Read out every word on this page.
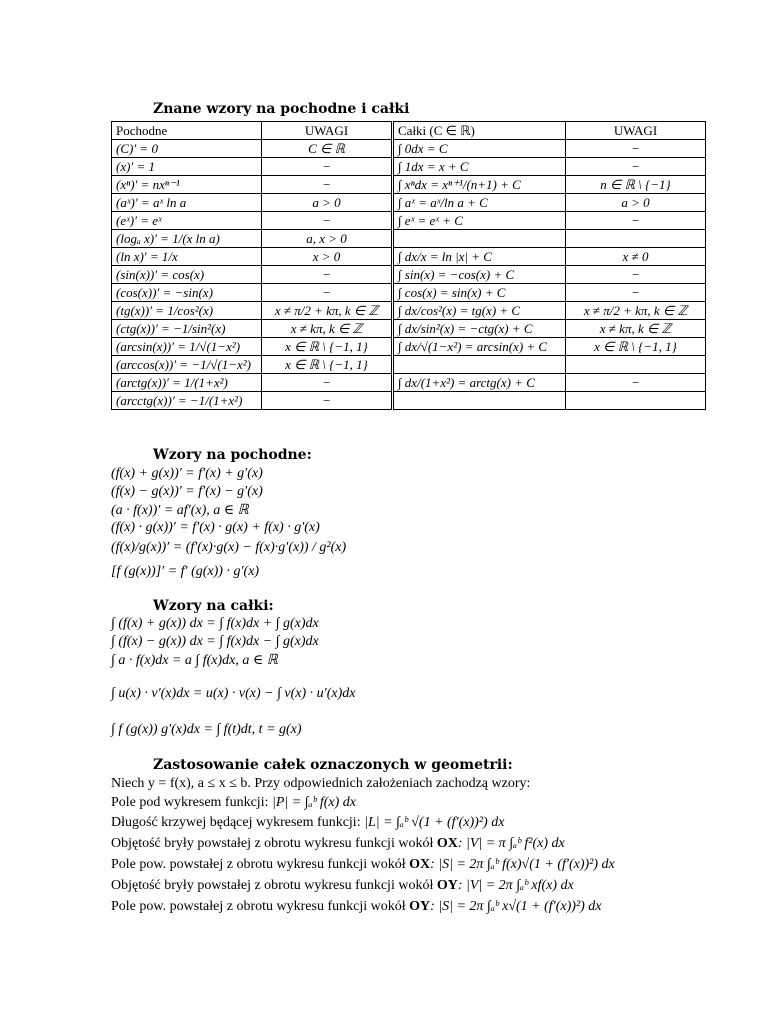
Znane wzory na pochodne i całki
Pochodne	UWAGI	Całki (C ∈ ℝ)	UWAGI
(C)′ = 0	C ∈ ℝ	∫ 0dx = C	−
(x)′ = 1	−	∫ 1dx = x + C	−
(xⁿ)′ = nxⁿ⁻¹	−	∫ xⁿdx = xⁿ⁺¹/(n+1) + C	n ∈ ℝ \ {−1}
(aˣ)′ = aˣ ln a	a > 0	∫ aˣ = aˣ/ln a + C	a > 0
(eˣ)′ = eˣ	−	∫ eˣ = eˣ + C	−
(logₐ x)′ = 1/(x ln a)	a, x > 0		
(ln x)′ = 1/x	x > 0	∫ dx/x = ln |x| + C	x ≠ 0
(sin(x))′ = cos(x)	−	∫ sin(x) = −cos(x) + C	−
(cos(x))′ = −sin(x)	−	∫ cos(x) = sin(x) + C	−
(tg(x))′ = 1/cos²(x)	x ≠ π/2 + kπ, k ∈ ℤ	∫ dx/cos²(x) = tg(x) + C	x ≠ π/2 + kπ, k ∈ ℤ
(ctg(x))′ = −1/sin²(x)	x ≠ kπ, k ∈ ℤ	∫ dx/sin²(x) = −ctg(x) + C	x ≠ kπ, k ∈ ℤ
(arcsin(x))′ = 1/√(1−x²)	x ∈ ℝ \ {−1, 1}	∫ dx/√(1−x²) = arcsin(x) + C	x ∈ ℝ \ {−1, 1}
(arccos(x))′ = −1/√(1−x²)	x ∈ ℝ \ {−1, 1}		
(arctg(x))′ = 1/(1+x²)	−	∫ dx/(1+x²) = arctg(x) + C	−
(arcctg(x))′ = −1/(1+x²)	−		
Wzory na pochodne:
(f(x) + g(x))′ = f′(x) + g′(x)
(f(x) − g(x))′ = f′(x) − g′(x)
(a · f(x))′ = af′(x), a ∈ ℝ
(f(x) · g(x))′ = f′(x) · g(x) + f(x) · g′(x)
(f(x)/g(x))′ = (f′(x)·g(x) − f(x)·g′(x)) / g²(x)
[f (g(x))]′ = f′ (g(x)) · g′(x)
Wzory na całki:
∫ (f(x) + g(x)) dx = ∫ f(x)dx + ∫ g(x)dx
∫ (f(x) − g(x)) dx = ∫ f(x)dx − ∫ g(x)dx
∫ a · f(x)dx = a ∫ f(x)dx, a ∈ ℝ
∫ u(x) · v′(x)dx = u(x) · v(x) − ∫ v(x) · u′(x)dx
∫ f (g(x)) g′(x)dx = ∫ f(t)dt, t = g(x)
Zastosowanie całek oznaczonych w geometrii:
Niech y = f(x), a ≤ x ≤ b. Przy odpowiednich założeniach zachodzą wzory:
Pole pod wykresem funkcji: |P| = ∫ₐᵇ f(x) dx
Długość krzywej będącej wykresem funkcji: |L| = ∫ₐᵇ √(1 + (f′(x))²) dx
Objętość bryły powstałej z obrotu wykresu funkcji wokół OX: |V| = π ∫ₐᵇ f²(x) dx
Pole pow. powstałej z obrotu wykresu funkcji wokół OX: |S| = 2π ∫ₐᵇ f(x)√(1 + (f′(x))²) dx
Objętość bryły powstałej z obrotu wykresu funkcji wokół OY: |V| = 2π ∫ₐᵇ xf(x) dx
Pole pow. powstałej z obrotu wykresu funkcji wokół OY: |S| = 2π ∫ₐᵇ x√(1 + (f′(x))²) dx
